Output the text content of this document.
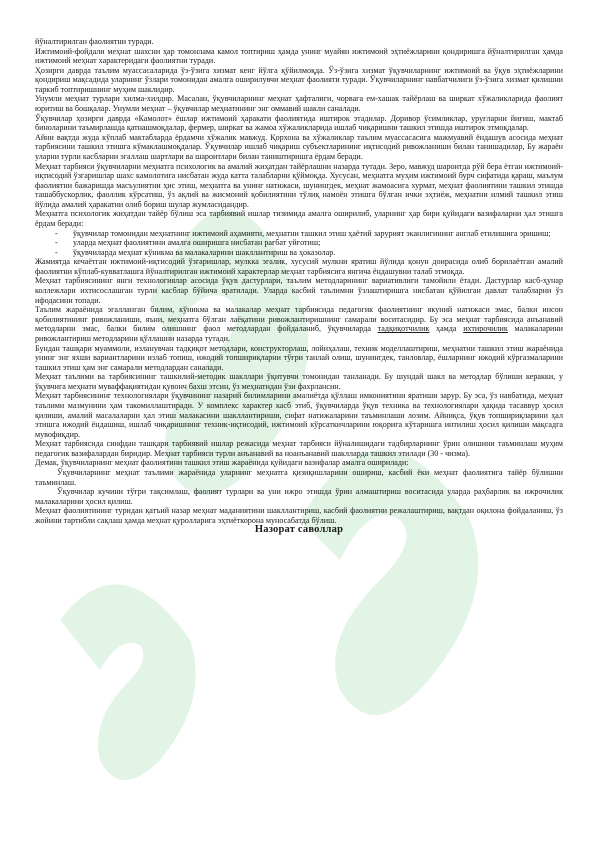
йўналтирилган фаолиятни туради.

Ижтимоий-фойдали меҳнат шахсни ҳар томонлама камол топтириш ҳамда унинг муайян ижтимоий эҳтиёжларини қондиришга йўналтирилган ҳамда ижтимоий меҳнат характеридаги фаолиятни туради.

Ҳозирги даврда таълим муассасаларида ўз-ўзига хизмат кенг йўлга қўйилмоқда. Ўз-ўзига хизмат ўқувчиларнинг ижтимоий ва ўқув эҳтиёжларини қондириш мақсадида уларнинг ўзлари томонидан амалга оширилувчи меҳнат фаолияти туради. Ўқувчиларнинг навбатчилиги ўз-ўзига хизмат қилишни таркиб топтиришнинг муҳим шаклидир.

Унумли меҳнат турлари хилма-хилдир. Масалан, ўқувчиларнинг меҳнат ҳафталиги, чорвага ем-хашак тайёрлаш ва ширкат хўжаликларида фаолият юритиш ва бошқалар. Унумли меҳнат – ўқувчилар меҳнатининг энг оммавий шакли саналади.

Ўқувчилар ҳозирги даврда «Камолот» ёшлар ижтимоий ҳаракати фаолиятида иштирок этадилар. Доривор ўсимликлар, уруғларни йиғиш, мактаб биноларини таъмирлашда қатнашмоқдалар, фермер, ширкат ва жамоа хўжаликларида ишлаб чиқаришни ташкил этишда иштирок этмоқдалар.

Айни вақтда жуда кўплаб мактабларда ёрдамчи хўжалик мавжуд. Қорхона ва хўжаликлар таълим муассасасига мажмуавий ёндашув асосида меҳнат тарбиясини ташкил этишга кўмаклашмоқдалар. Ўқувчилар ишлаб чиқариш субъектларининг иқтисодий ривожланиши билан танишадилар, Бу жараён уларни турли касбларни эгаллаш шартлари ва шароитлари билан таништиришга ёрдам беради.

Меҳнат тарбияси ўқувчиларни меҳнатга психологик ва амалий жиҳатдан тайёрлашни назарда тутади. Зеро, мавжуд шароитда рўй бера ётган ижтимоий-иқтисодий ўзгаришлар шахс камолотига нисбатан жуда катта талабларни қўймоқда. Хусусан, меҳнатга муҳим ижтимоий бурч сифатида қараш, маълум фаолиятни бажаришда масъулиятни ҳис этиш, меҳнатга ва унинг натижаси, шунингдек, меҳнат жамоасига хурмат, меҳнат фаолиятини ташкил этишда ташаббускорлик, фаоллик кўрсатиш, ўз ақлий ва жисмоний қобилиятини тўлиқ намоён этишга бўлган ички эҳтиёж, меҳнатни илмий ташкил этиш йўлида амалий ҳаракатни олиб бориш шулар жумласидандир.

Меҳнатга психологик жиҳатдан тайёр бўлиш эса тарбиявий ишлар тизимида амалга оширилиб, уларнинг ҳар бири қуйидаги вазифаларни ҳал этишга ёрдам беради:

- ўқувчилар томонидан меҳнатнинг ижтимоий аҳамияти, меҳнатни ташкил этиш ҳаётий зарурият эканлигининг англаб етилишига эришиш;

- уларда меҳнат фаолиятини амалга оширишга нисбатан рағбат уйғотиш;

- ўқувчиларда меҳнат кўникма ва малакаларини шакллантириш ва ҳоказолар.

Жамиятда кечаётган ижтимоий-иқтисодий ўзгаришлар, мулкка эгалик, хусусий мулкни яратиш йўлида қонун доирасида олиб борилаётган амалий фаолиятни кўплаб-кувватлашга йўналтирилган ижтимоий характерлар меҳнат тарбиясига янгича ёндашувни талаб этмоқда.

Меҳнат тарбиясининг янги технологиялар асосида ўқув дастурлари, таълим методларининг вариативлиги тамойили ётади. Дастурлар касб-ҳунар коллежлари ихтисослашган турли касблар бўйича яратилади. Уларда касбий таълимни ўзлаштиришга нисбатан қўйилган давлат талабларни ўз ифодасини топади.

Таълим жараёнида эгалланган билим, кўникма ва малакалар меҳнат тарбиясида педагогик фаолиятнинг якуний натижаси эмас, балки инсон қобилиятининг ривожланиши, яъни, меҳнатга бўлган лаёқатини ривожлантиришнинг самарали воситасидир. Бу эса меҳнат тарбиясида анъанавий методларни эмас, балки билим олишнинг фаол методлардан фойдаланиб, ўқувчиларда тадқиқотчилик ҳамда ихтирочилик малакаларини ривожлантириш методларини қўллашни назарда тутади.

Бундан ташқари муаммоли, изланувчан тадқиқот методлари, конструкторлаш, лойиҳалаш, техник моделлаштириш, меҳнатни ташкил этиш жараёнида унинг энг яхши вариантларини излаб топиш, ижодий топшириқларни тўғри танлай олиш, шунингдек, танловлар, ёшларнинг ижодий кўргазмаларини ташкил этиш ҳам энг самарали методлардан саналади.

Меҳнат таълими ва тарбиясининг ташкилий-методик шакллари ўқитувчи томонидан танланади. Бу шундай шакл ва методлар бўлиши керакки, у ўқувчига меҳнати муваффақиятидан қувонч бахш этсин, ўз меҳнатидан ўзи фахрлансин.

Меҳнат тарбиясининг технологиялари ўқувчининг назарий билимларини амалиётда қўллаш имкониятини яратиши зарур. Бу эса, ўз навбатида, меҳнат таълими мазмунини ҳам такомиллаштиради. У комплекс характер касб этиб, ўқувчиларда ўқув техника ва технологиялари ҳақида тасаввур ҳосил қилиши, амалий масалаларни ҳал этиш малакасини шакллантириши, сифат натижаларини таъминлаши лозим. Айниқса, ўқув топшириқларини ҳал этишга ижодий ёндашиш, ишлаб чиқаришнинг техник-иқтисодий, ижтимоий кўрсаткичларини юқорига кўтаришга интилиш ҳосил қилиши мақсадга мувофиқдир.

Меҳнат тарбиясида синфдан ташқари тарбиявий ишлар режасида меҳнат тарбияси йўналишидаги тадбирларнинг ўрин олишини таъминлаш муҳим педагогик вазифалардан биридир. Меҳнат тарбияси турли анъанавий ва ноанъанавий шаклларда ташкил этилади (30 - чизма).

Демак, ўқувчиларнинг меҳнат фаолиятини ташкил этиш жараёнида қуйидаги вазифалар амалга оширилади:

Ўқувчиларнинг меҳнат таълими жараёнида уларнинг меҳнатга қизиқишларини ошириш, касбий ёки меҳнат фаолиятига тайёр бўлишни таъминлаш.

Ўқувчилар кучини тўғри тақсимлаш, фаолият турлари ва уни ижро этишда ўрин алмаштириш воситасида уларда раҳбарлик ва ижрочилик малакаларини ҳосил қилиш.

Меҳнат фаолиятининг туридан қатъий назар меҳнат маданиятини шакллантириш, касбий фаолиятни режалаштириш, вақтдан оқилона фойдаланиш, ўз жойини тартибли сақлаш ҳамда меҳнат қуролларига эҳтиёткорона муносабатда бўлиш.

Назорат саволлар
